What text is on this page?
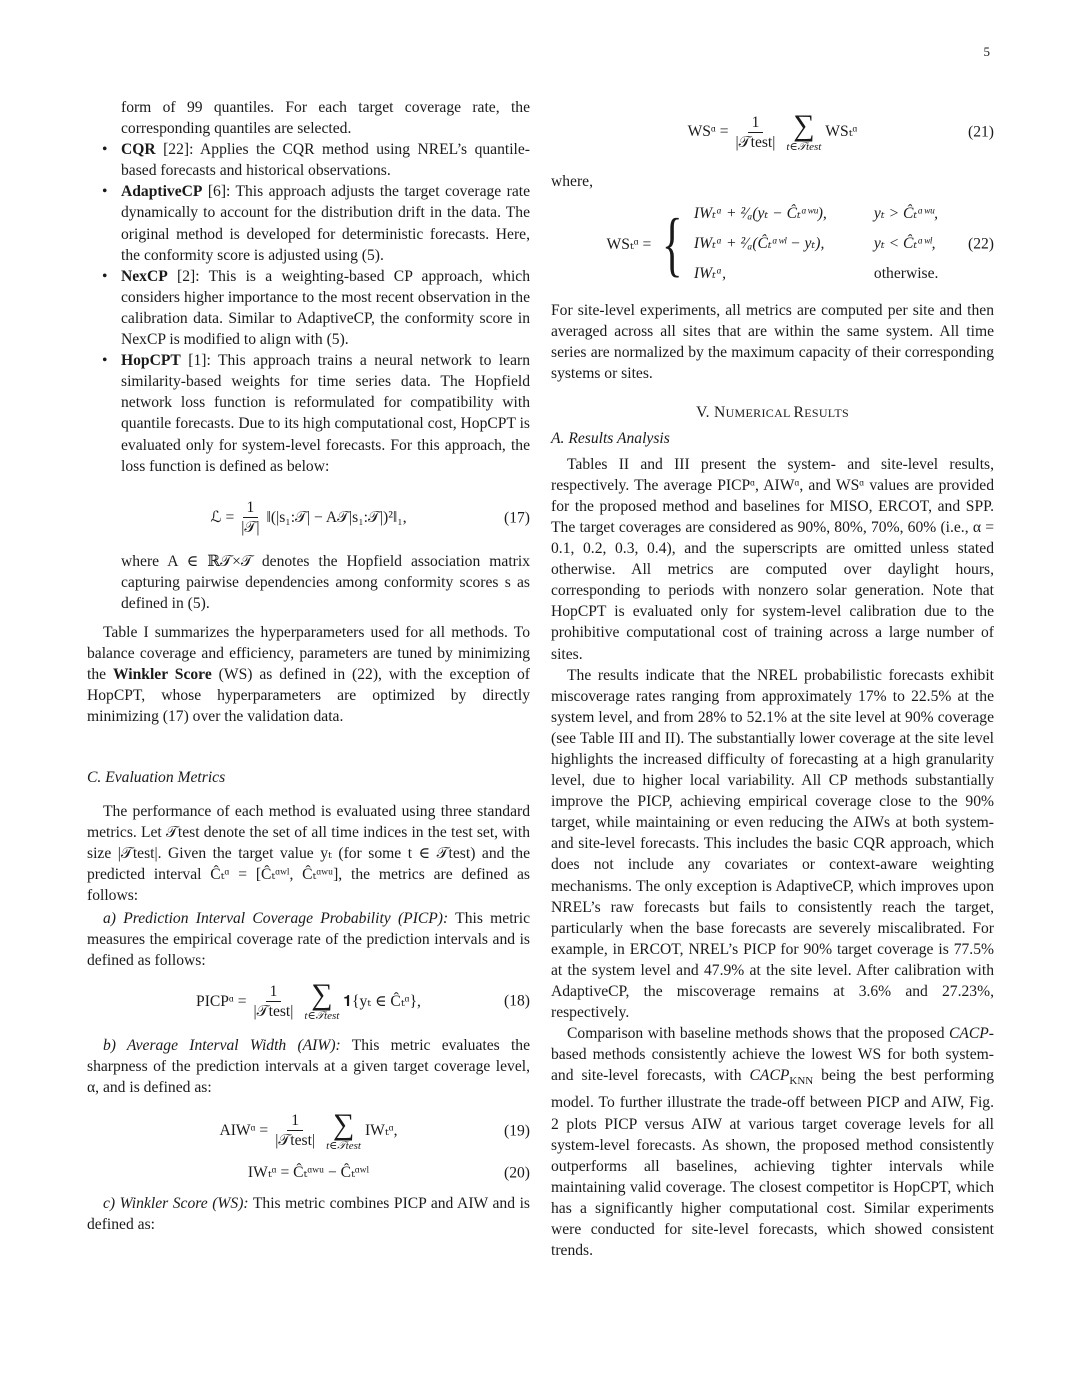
5

form of 99 quantiles. For each target coverage rate, the corresponding quantiles are selected.

• CQR [22]: Applies the CQR method using NREL’s quantile-based forecasts and historical observations.
• AdaptiveCP [6]: This approach adjusts the target coverage rate dynamically to account for the distribution drift in the data. The original method is developed for deterministic forecasts. Here, the conformity score is adjusted using (5).
• NexCP [2]: This is a weighting-based CP approach, which considers higher importance to the most recent observation in the calibration data. Similar to AdaptiveCP, the conformity score in NexCP is modified to align with (5).
• HopCPT [1]: This approach trains a neural network to learn similarity-based weights for time series data. The Hopfield network loss function is reformulated for compatibility with quantile forecasts. Due to its high computational cost, HopCPT is evaluated only for system-level forecasts. For this approach, the loss function is defined as below:
ℒ = $\frac{1}{\text{|𝒯|}}$ ‖(|s₁:𝒯| − A𝒯|s₁:𝒯|)²‖₁,	(17)

where A ∈ ℝ𝒯×𝒯 denotes the Hopfield association matrix capturing pairwise dependencies among conformity scores s as defined in (5).

Table I summarizes the hyperparameters used for all methods. To balance coverage and efficiency, parameters are tuned by minimizing the Winkler Score (WS) as defined in (22), with the exception of HopCPT, whose hyperparameters are optimized by directly minimizing (17) over the validation data.

C. Evaluation Metrics

The performance of each method is evaluated using three standard metrics. Let 𝒯test denote the set of all time indices in the test set, with size |𝒯test|. Given the target value yₜ (for some t ∈ 𝒯test) and the predicted interval Ĉₜᵅ = [Ĉₜᵅʷˡ, Ĉₜᵅʷᵘ], the metrics are defined as follows:

a) Prediction Interval Coverage Probability (PICP): This metric measures the empirical coverage rate of the prediction intervals and is defined as follows:

PICPᵅ = $\frac{1}{\text{|𝒯test|}}$ ∑
t∈𝒯test
𝟏{yₜ ∈ Ĉₜᵅ},	(18)

b) Average Interval Width (AIW): This metric evaluates the sharpness of the prediction intervals at a given target coverage level, α, and is defined as:

AIWᵅ = $\frac{1}{\text{|𝒯test|}}$ ∑
t∈𝒯test
IWₜᵅ,	(19)
IWₜᵅ = Ĉₜᵅʷᵘ − Ĉₜᵅʷˡ	(20)

c) Winkler Score (WS): This metric combines PICP and AIW and is defined as:

WSᵅ = $\frac{1}{\text{|𝒯test|}}$ ∑
t∈𝒯test
WSₜᵅ	(21)

where,

WSₜᵅ = { IWₜᵅ + ²⁄ₐ(yₜ − Ĉₜᵅʷᵘ),	yₜ > Ĉₜᵅʷᵘ,
IWₜᵅ + ²⁄ₐ(Ĉₜᵅʷˡ − yₜ),	yₜ < Ĉₜᵅʷˡ,
IWₜᵅ,	otherwise.
(22)

For site-level experiments, all metrics are computed per site and then averaged across all sites that are within the same system. All time series are normalized by the maximum capacity of their corresponding systems or sites.

V. NUMERICAL RESULTS

A. Results Analysis

Tables II and III present the system- and site-level results, respectively. The average PICPᵅ, AIWᵅ, and WSᵅ values are provided for the proposed method and baselines for MISO, ERCOT, and SPP. The target coverages are considered as 90%, 80%, 70%, 60% (i.e., α = 0.1, 0.2, 0.3, 0.4), and the superscripts are omitted unless stated otherwise. All metrics are computed over daylight hours, corresponding to periods with nonzero solar generation. Note that HopCPT is evaluated only for system-level calibration due to the prohibitive computational cost of training across a large number of sites.

The results indicate that the NREL probabilistic forecasts exhibit miscoverage rates ranging from approximately 17% to 22.5% at the system level, and from 28% to 52.1% at the site level at 90% coverage (see Table III and II). The substantially lower coverage at the site level highlights the increased difficulty of forecasting at a high granularity level, due to higher local variability. All CP methods substantially improve the PICP, achieving empirical coverage close to the 90% target, while maintaining or even reducing the AIWs at both system- and site-level forecasts. This includes the basic CQR approach, which does not include any covariates or context-aware weighting mechanisms. The only exception is AdaptiveCP, which improves upon NREL’s raw forecasts but fails to consistently reach the target, particularly when the base forecasts are severely miscalibrated. For example, in ERCOT, NREL’s PICP for 90% target coverage is 77.5% at the system level and 47.9% at the site level. After calibration with AdaptiveCP, the miscoverage remains at 3.6% and 27.23%, respectively.

Comparison with baseline methods shows that the proposed CACP-based methods consistently achieve the lowest WS for both system- and site-level forecasts, with $CACP_{KNN}$ being the best performing model. To further illustrate the trade-off between PICP and AIW, Fig. 2 plots PICP versus AIW at various target coverage levels for all system-level forecasts. As shown, the proposed method consistently outperforms all baselines, achieving tighter intervals while maintaining valid coverage. The closest competitor is HopCPT, which has a significantly higher computational cost. Similar experiments were conducted for site-level forecasts, which showed consistent trends.
